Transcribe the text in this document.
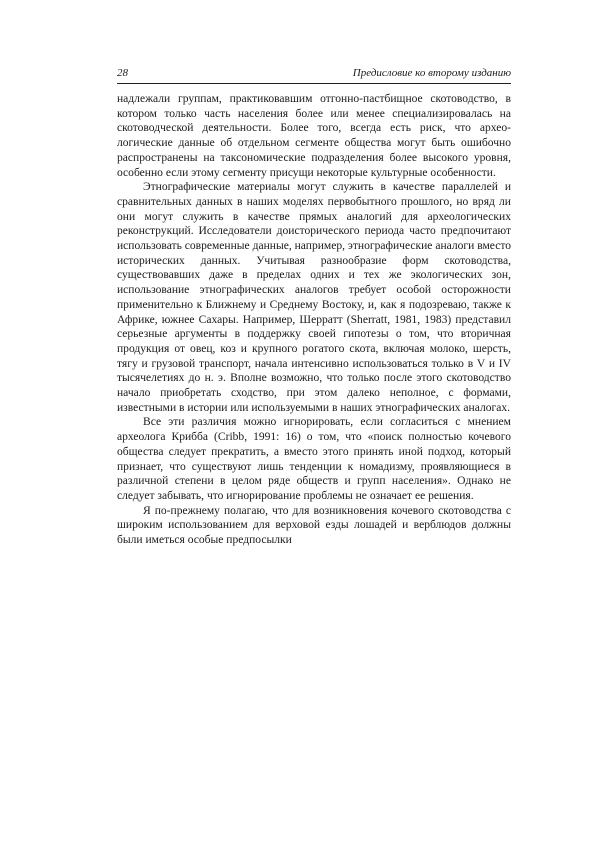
28	Предисловие ко второму изданию

надлежали группам, практиковавшим отгонно-пастбищное скотоводство, в котором только часть населения более или менее специализировалась на скотоводческой деятельности. Более того, всегда есть риск, что археологические данные об отдельном сегменте общества могут быть ошибочно распространены на таксономические подразделения более высокого уровня, особенно если этому сегменту присущи некоторые культурные особенности.

Этнографические материалы могут служить в качестве параллелей и сравнительных данных в наших моделях первобытного прошлого, но вряд ли они могут служить в качестве прямых аналогий для археологических реконструкций. Исследователи доисторического периода часто предпочитают использовать современные данные, например, этнографические аналоги вместо исторических данных. Учитывая разнообразие форм скотоводства, существовавших даже в пределах одних и тех же экологических зон, использование этнографических аналогов требует особой осторожности применительно к Ближнему и Среднему Востоку, и, как я подозреваю, также к Африке, южнее Сахары. Например, Шерратт (Sherratt, 1981, 1983) представил серьезные аргументы в поддержку своей гипотезы о том, что вторичная продукция от овец, коз и крупного рогатого скота, включая молоко, шерсть, тягу и грузовой транспорт, начала интенсивно использоваться только в V и IV тысячелетиях до н. э. Вполне возможно, что только после этого скотоводство начало приобретать сходство, при этом далеко неполное, с формами, известными в истории или используемыми в наших этнографических аналогах.

Все эти различия можно игнорировать, если согласиться с мнением археолога Крибба (Cribb, 1991: 16) о том, что «поиск полностью кочевого общества следует прекратить, а вместо этого принять иной подход, который признает, что существуют лишь тенденции к номадизму, проявляющиеся в различной степени в целом ряде обществ и групп населения». Однако не следует забывать, что игнорирование проблемы не означает ее решения.

Я по-прежнему полагаю, что для возникновения кочевого скотоводства с широким использованием для верховой езды лошадей и верблюдов должны были иметься особые предпосылки
